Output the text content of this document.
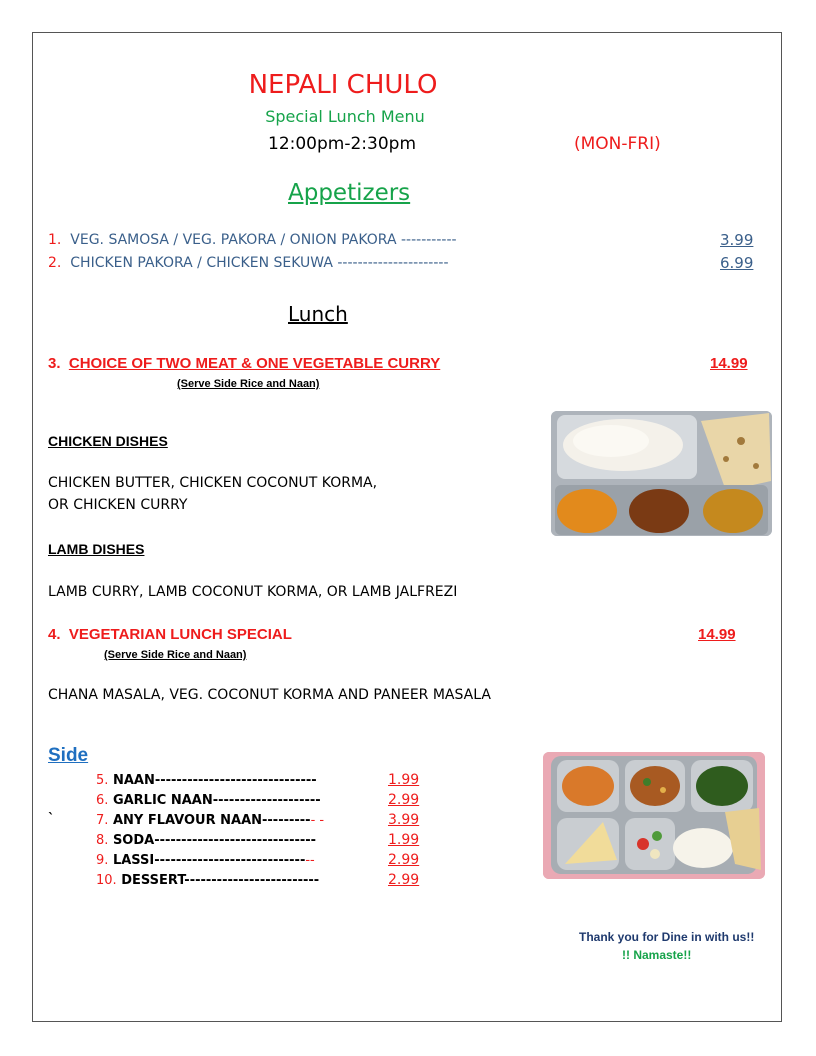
NEPALI CHULO
Special Lunch Menu
12:00pm-2:30pm	(MON-FRI)
Appetizers
1. VEG. SAMOSA / VEG. PAKORA / ONION PAKORA -----------	3.99
2. CHICKEN PAKORA / CHICKEN SEKUWA ----------------------	6.99
Lunch
3. CHOICE OF TWO MEAT & ONE VEGETABLE CURRY	14.99
(Serve Side Rice and Naan)
CHICKEN DISHES
CHICKEN BUTTER, CHICKEN COCONUT KORMA,
OR CHICKEN CURRY
LAMB DISHES
LAMB CURRY, LAMB COCONUT KORMA, OR LAMB JALFREZI
4. VEGETARIAN LUNCH SPECIAL	14.99
(Serve Side Rice and Naan)
CHANA MASALA, VEG. COCONUT KORMA AND PANEER MASALA
Side
`
5. NAAN------------------------------	1.99
6. GARLIC NAAN--------------------	2.99
7. ANY FLAVOUR NAAN---------- -	3.99
8. SODA------------------------------	1.99
9. LASSI------------------------------	2.99
10. DESSERT-------------------------	2.99
Thank you for Dine in with us!!
!! Namaste!!
